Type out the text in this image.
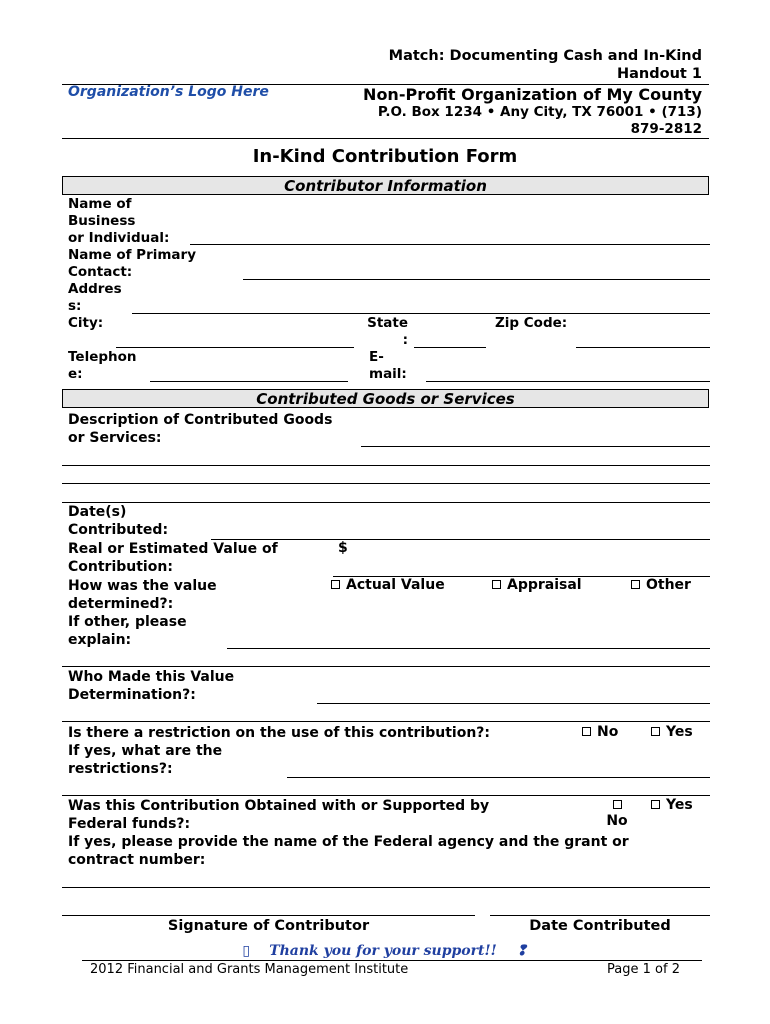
Match: Documenting Cash and In-Kind
Handout 1
Organization’s Logo Here	Non-Profit Organization of My County
P.O. Box 1234 • Any City, TX 76001 • (713)
879-2812
In-Kind Contribution Form
Contributor Information
Name of
Business
or Individual:
Name of Primary
Contact:
Addres
s:
City:	State
:
Zip Code:
Telephon
e:
E-
mail:
Contributed Goods or Services
Description of Contributed Goods
or Services:
Date(s)
Contributed:
Real or Estimated Value of
Contribution:
$
How was the value
determined?:
Actual Value	Appraisal	Other
If other, please
explain:
Who Made this Value
Determination?:
Is there a restriction on the use of this contribution?:	No	Yes
If yes, what are the
restrictions?:
Was this Contribution Obtained with or Supported by
Federal funds?:	No
Yes
If yes, please provide the name of the Federal agency and the grant or
contract number:
Signature of Contributor	Date Contributed
▯ Thank you for your support!! ❢
2012 Financial and Grants Management Institute	Page 1 of 2
